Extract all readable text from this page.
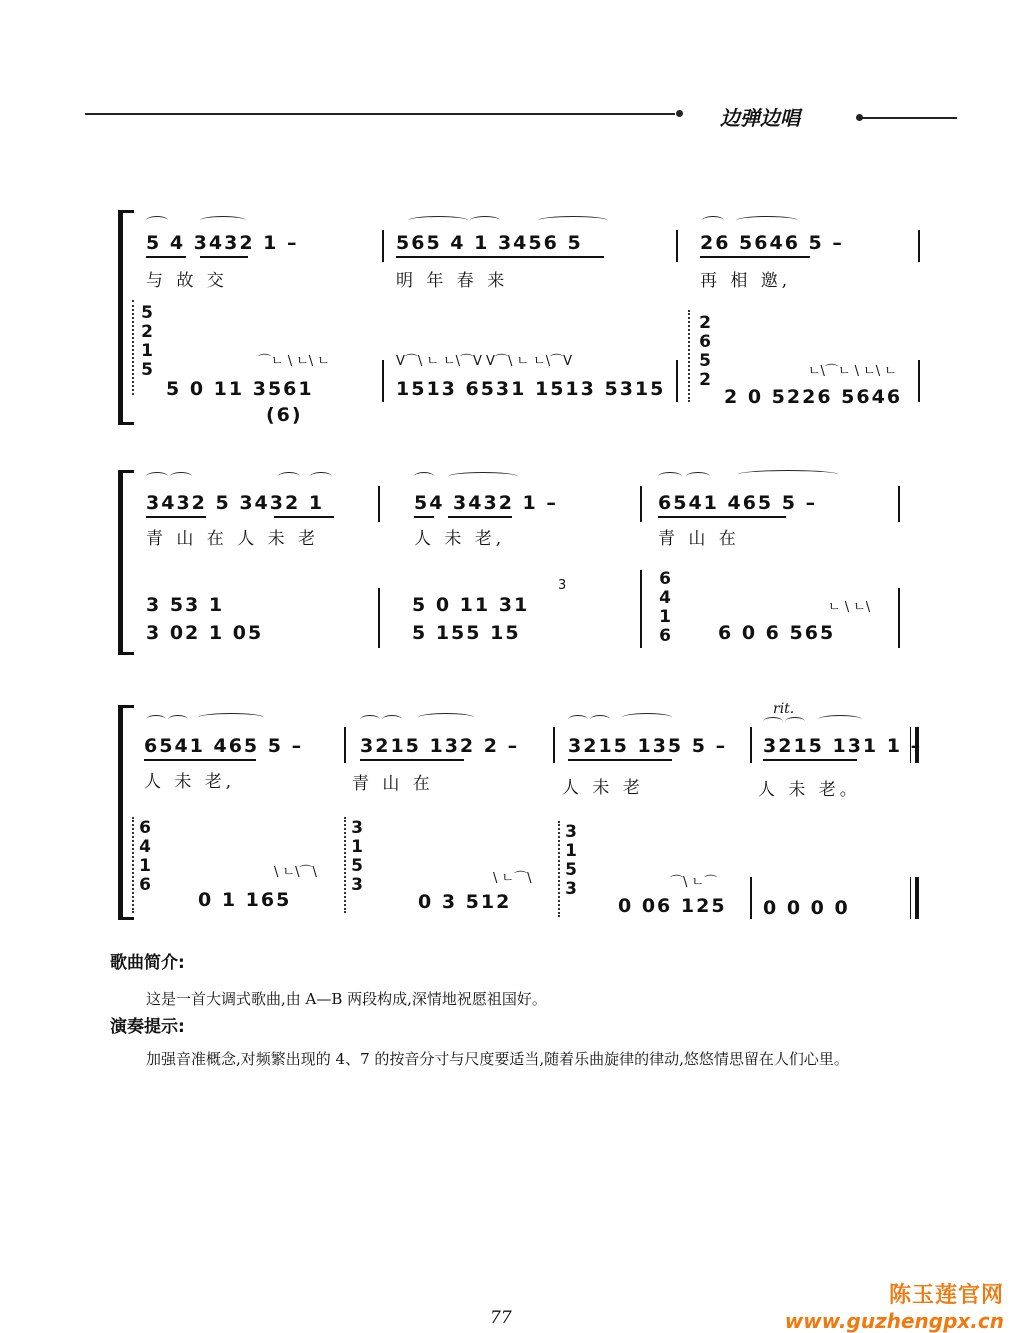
边弹边唱
5 4 3432 1 –	565 4 1 3456 5	26 5646 5 –
与 故 交	明 年 春 来	再 相 邀,
5
2
1
5
2
6
5
2
⌒ㄴ \ ㄴ\ ㄴ	V⌒\ ㄴ ㄴ\⌒V V⌒\ ㄴ ㄴ\⌒V
ㄴ\⌒ㄴ \ ㄴ\ ㄴ
5 0 11 3561	1513 6531 1513 5315	2 0 5226 5646
(6)
3432 5 3432 1	54 3432 1 –	6541 465 5 –
青 山 在 人 未 老	人 未 老,	青 山 在
3
ㄴ \ ㄴ\
3 53 1
3 02 1 05
5 0 11 31
5 155 15
6
4
1
6 6 0 6 565
rit.
6541 465 5 –	3215 132 2 –	3215 135 5 – 3215 131 1 –
人 未 老,	青 山 在	人 未 老	人 未 老。
6
4
1
6
\ ㄴ\⌒\
0 1 165
3
1
5
3	\ ㄴ⌒\
0 3 512
3
1
5
3	⌒\ ㄴ⌒
0 06 125 0 0 0 0
歌曲简介:
这是一首大调式歌曲,由 A—B 两段构成,深情地祝愿祖国好。
演奏提示:
加强音准概念,对频繁出现的 4、7 的按音分寸与尺度要适当,随着乐曲旋律的律动,悠悠情思留在人们心里。
77
陈玉莲官网
www.guzhengpx.cn
